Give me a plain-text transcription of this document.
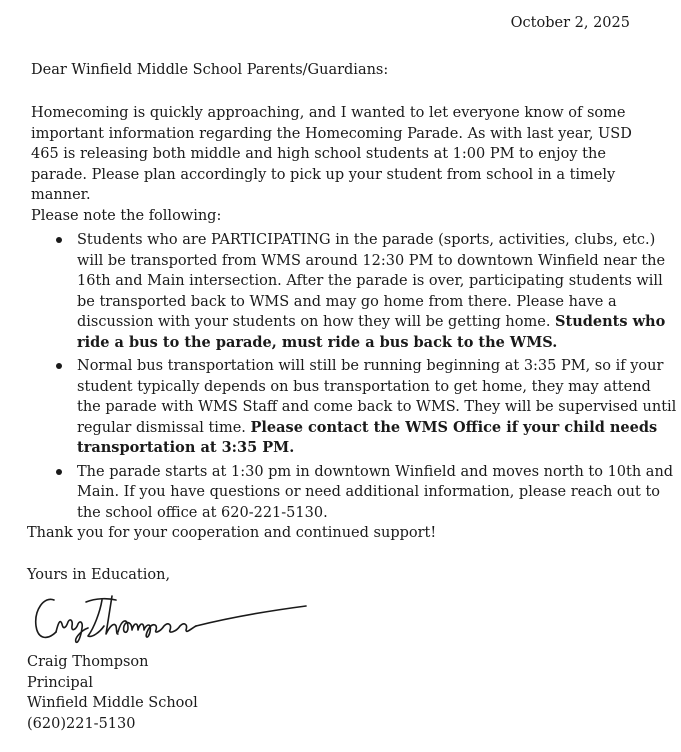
October 2, 2025
Dear Winfield Middle School Parents/Guardians:

Homecoming is quickly approaching, and I wanted to let everyone know of some important information regarding the Homecoming Parade. As with last year, USD 465 is releasing both middle and high school students at 1:00 PM to enjoy the parade. Please plan accordingly to pick up your student from school in a timely manner.

Please note the following:
Students who are PARTICIPATING in the parade (sports, activities, clubs, etc.) will be transported from WMS around 12:30 PM to downtown Winfield near the 16th and Main intersection. After the parade is over, participating students will be transported back to WMS and may go home from there. Please have a discussion with your students on how they will be getting home. Students who ride a bus to the parade, must ride a bus back to the WMS.
Normal bus transportation will still be running beginning at 3:35 PM, so if your student typically depends on bus transportation to get home, they may attend the parade with WMS Staff and come back to WMS. They will be supervised until regular dismissal time. Please contact the WMS Office if your child needs transportation at 3:35 PM.
The parade starts at 1:30 pm in downtown Winfield and moves north to 10th and Main. If you have questions or need additional information, please reach out to the school office at 620-221-5130.
Thank you for your cooperation and continued support!
Yours in Education,
Craig Thompson
Principal
Winfield Middle School
(620)221-5130
